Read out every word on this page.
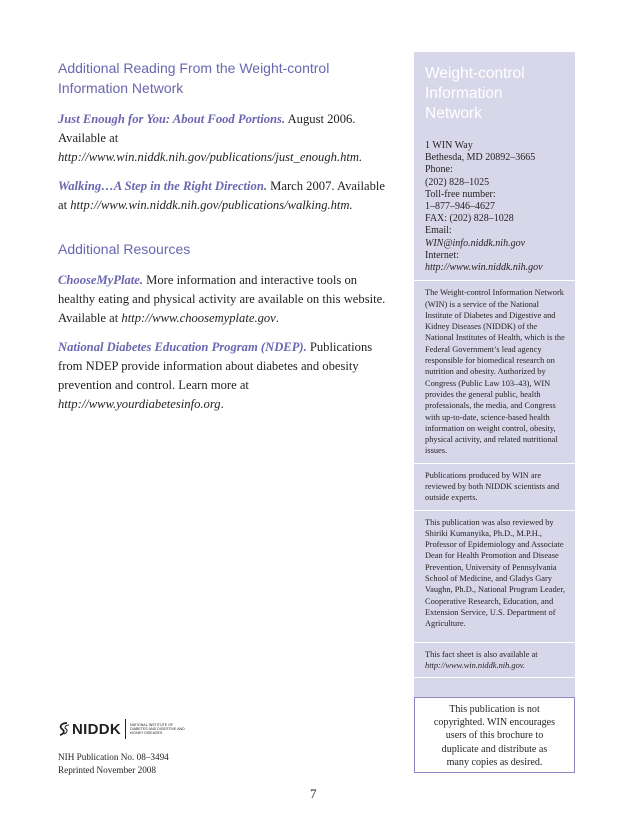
Additional Reading From the Weight-control
Information Network

Just Enough for You: About Food Portions. August 2006. Available at http://www.win.niddk.nih.gov/publications/just_enough.htm.

Walking…A Step in the Right Direction. March 2007. Available at http://www.win.niddk.nih.gov/publications/walking.htm.

Additional Resources

ChooseMyPlate. More information and interactive tools on healthy eating and physical activity are available on this website. Available at http://www.choosemyplate.gov.

National Diabetes Education Program (NDEP). Publications from NDEP provide information about diabetes and obesity prevention and control. Learn more at http://www.yourdiabetesinfo.org.

Weight-control
Information
Network
1 WIN Way
Bethesda, MD 20892–3665
Phone:
(202) 828–1025
Toll-free number:
1–877–946–4627
FAX: (202) 828–1028
Email:
WIN@info.niddk.nih.gov
Internet:
http://www.win.niddk.nih.gov
The Weight-control Information Network (WIN) is a service of the National Institute of Diabetes and Digestive and Kidney Diseases (NIDDK) of the National Institutes of Health, which is the Federal Government’s lead agency responsible for biomedical research on nutrition and obesity. Authorized by Congress (Public Law 103–43), WIN provides the general public, health professionals, the media, and Congress with up-to-date, science-based health information on weight control, obesity, physical activity, and related nutritional issues.
Publications produced by WIN are reviewed by both NIDDK scientists and outside experts.
This publication was also reviewed by Shiriki Kumanyika, Ph.D., M.P.H., Professor of Epidemiology and Associate Dean for Health Promotion and Disease Prevention, University of Pennsylvania School of Medicine, and Gladys Gary Vaughn, Ph.D., National Program Leader, Cooperative Research, Education, and Extension Service, U.S. Department of Agriculture.
This fact sheet is also available at http://www.win.niddk.nih.gov.
This publication is not copyrighted. WIN encourages users of this brochure to duplicate and distribute as many copies as desired.
NIDDK	NATIONAL INSTITUTE OF DIABETES AND DIGESTIVE AND KIDNEY DISEASES
NIH Publication No. 08–3494
Reprinted November 2008
7
